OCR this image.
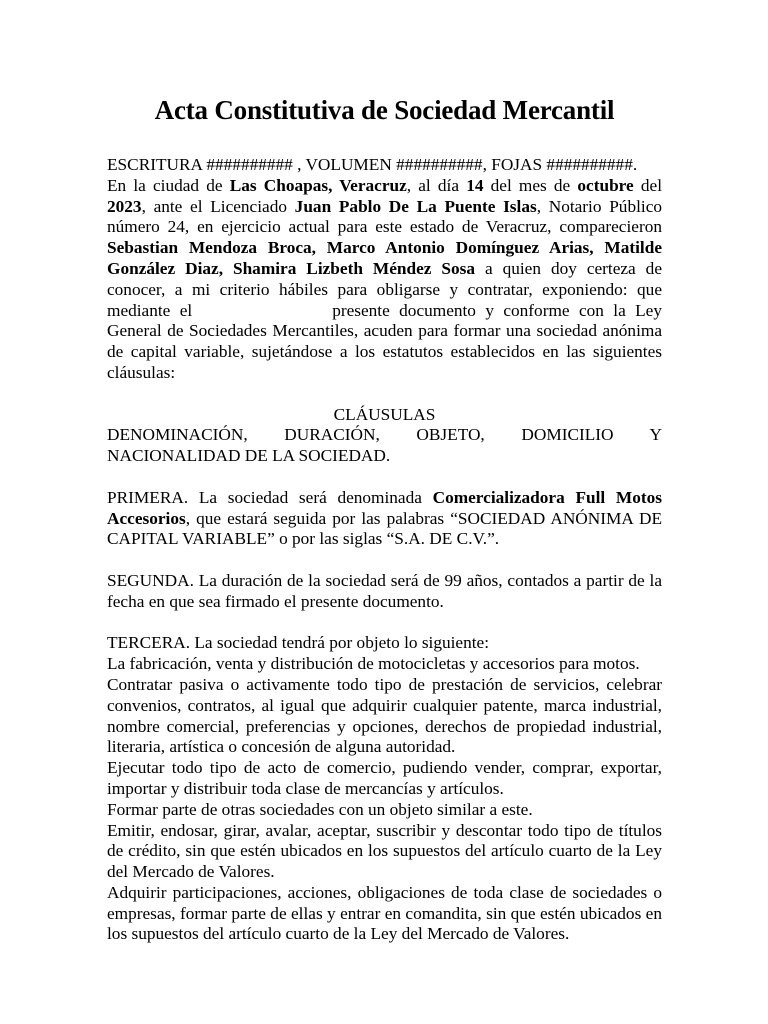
Acta Constitutiva de Sociedad Mercantil

ESCRITURA ########## , VOLUMEN ##########, FOJAS ##########.

En la ciudad de Las Choapas, Veracruz, al día 14 del mes de octubre del 2023, ante el Licenciado Juan Pablo De La Puente Islas, Notario Público número 24, en ejercicio actual para este estado de Veracruz, comparecieron Sebastian Mendoza Broca, Marco Antonio Domínguez Arias, Matilde González Diaz, Shamira Lizbeth Méndez Sosa a quien doy certeza de conocer, a mi criterio hábiles para obligarse y contratar, exponiendo: que mediante el	presente documento y conforme con la Ley General de Sociedades Mercantiles, acuden para formar una sociedad anónima de capital variable, sujetándose a los estatutos establecidos en las siguientes cláusulas:

CLÁUSULAS

DENOMINACIÓN, DURACIÓN, OBJETO, DOMICILIO Y

NACIONALIDAD DE LA SOCIEDAD.

PRIMERA. La sociedad será denominada Comercializadora Full Motos Accesorios, que estará seguida por las palabras “SOCIEDAD ANÓNIMA DE CAPITAL VARIABLE” o por las siglas “S.A. DE C.V.”.

SEGUNDA. La duración de la sociedad será de 99 años, contados a partir de la fecha en que sea firmado el presente documento.

TERCERA. La sociedad tendrá por objeto lo siguiente:

La fabricación, venta y distribución de motocicletas y accesorios para motos.

Contratar pasiva o activamente todo tipo de prestación de servicios, celebrar convenios, contratos, al igual que adquirir cualquier patente, marca industrial, nombre comercial, preferencias y opciones, derechos de propiedad industrial, literaria, artística o concesión de alguna autoridad.

Ejecutar todo tipo de acto de comercio, pudiendo vender, comprar, exportar, importar y distribuir toda clase de mercancías y artículos.

Formar parte de otras sociedades con un objeto similar a este.

Emitir, endosar, girar, avalar, aceptar, suscribir y descontar todo tipo de títulos de crédito, sin que estén ubicados en los supuestos del artículo cuarto de la Ley del Mercado de Valores.

Adquirir participaciones, acciones, obligaciones de toda clase de sociedades o empresas, formar parte de ellas y entrar en comandita, sin que estén ubicados en los supuestos del artículo cuarto de la Ley del Mercado de Valores.
